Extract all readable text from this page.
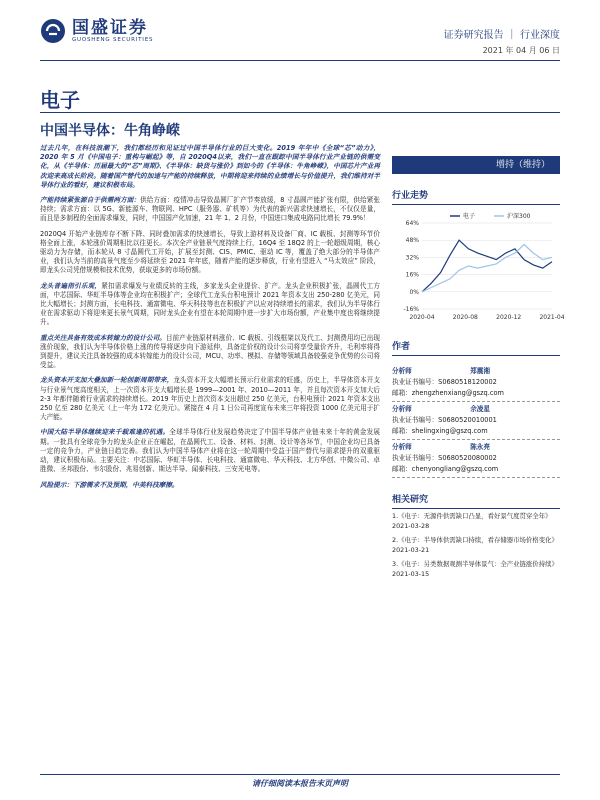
国盛证券
GUOSHENG SECURITIES	证券研究报告 ｜ 行业深度
2021 年 04 月 06 日
电子
中国半导体：牛角峥嵘

过去几年，在科技浪潮下，我们都经历和见证过中国半导体行业的巨大变化。2019 年年中《全球“芯”动力》，2020 年 5 月《中国电子：重构与崛起》等，自 2020Q4以来，我们一直在跟踪中国半导体行业产业链的供需变化，从《半导体：历届最大的“芯”周期》、《半导体：缺货与涨价》到如今的《半导体：牛角峥嵘》，中国芯片产业再次迎来高成长阶段。随着国产替代的加速与产能的持续释放，中期将迎来持续的业绩增长与价值提升，我们维持对半导体行业的看好，建议积极布局。

产能持续紧张源自于供需两方面：供给方面：疫情冲击导致晶圆厂扩产节奏放缓，8 寸晶圆产能扩张有限，供给紧张持续；需求方面：以 5G、新能源车、物联网、HPC（服务器、矿机等）为代表的新兴需求快速增长，不仅仅是量，而且是多制程的全面需求爆发，同时，中国国产化加速，21 年 1、2 月份，中国进口集成电路同比增长 79.9%！

2020Q4 开始产业链库存不断下降、同时叠加需求的快速增长，导致上游材料及设备厂商、IC 载板、封测等环节价格全面上涨，本轮涨价周期相比以往更长。本次全产业链景气度持续上行，16Q4 至 18Q2 的上一轮超级周期，核心驱动力为存储，而本轮从 8 寸晶圆代工开始，扩展至封测、CIS、PMIC、驱动 IC 等，覆盖了绝大部分的半导体产业，我们认为当前的高景气度至少将延续至 2021 年年底，随着产能的逐步释放，行业有望进入 “马太效应” 阶段，即龙头公司凭借规模和技术优势，获取更多的市场份额。

龙头普遍指引乐观，紧扣需求爆发与业绩反转的主线，多家龙头企业提价、扩产。龙头企业积极扩张，晶圆代工方面，中芯国际、华虹半导体等企业均在积极扩产；全球代工龙头台积电预计 2021 年资本支出 250-280 亿美元，同比大幅增长；封测方面，长电科技、通富微电、华天科技等也在积极扩产以应对持续增长的需求，我们认为半导体行业在需求驱动下将迎来更长景气周期，同时龙头企业有望在本轮周期中进一步扩大市场份额，产业集中度也将继续提升。

重点关注具备有效成本转嫁力的设计公司。目前产业链原材料涨价、IC 载板、引线框架以及代工、封测费用均已出现涨价现象，我们认为半导体价格上涨的传导将逐步向下游延伸，具备定价权的设计公司将享受量价齐升，毛利率将得到提升，建议关注具备较强的成本转嫁能力的设计公司，MCU、功率、模拟、存储等领域具备较强竞争优势的公司将受益。

龙头资本开支加大叠加新一轮创新周期带来，龙头资本开支大幅增长预示行业需求的旺盛，历史上，半导体资本开支与行业景气度高度相关，上一次资本开支大幅增长是 1999—2001 年、2010—2011 年，并且每次资本开支加大后 2-3 年都伴随着行业需求的持续增长。2019 年历史上首次资本支出超过 250 亿美元，台积电预计 2021 年资本支出 250 亿至 280 亿美元（上一年为 172 亿美元）。紧接在 4 月 1 日公司再度宣布未来三年将投资 1000 亿美元用于扩大产能。

中国大陆半导体继续迎来千载难逢的机遇。全球半导体行业发展趋势决定了中国半导体产业链未来十年的黄金发展期。一批具有全球竞争力的龙头企业正在崛起，在晶圆代工、设备、材料、封测、设计等各环节，中国企业均已具备一定的竞争力，产业链日趋完善。我们认为中国半导体产业将在这一轮周期中受益于国产替代与需求提升的双重驱动，建议积极布局。主要关注：中芯国际、华虹半导体、长电科技、通富微电、华天科技、北方华创、中微公司、卓胜微、圣邦股份、韦尔股份、兆易创新、斯达半导、闻泰科技、三安光电等。

风险提示：下游需求不及预期，中美科技摩擦。

增持（维持）
行业走势
64%
48%
32%
16%
0%
-16%
2020-04	2020-08	2020-12	2021-04
电子	沪深300
作者
分析师	郑震湘
执业证书编号：S0680518120002
邮箱：zhengzhenxiang@gszq.com
分析师	佘凌星
执业证书编号：S0680520010001
邮箱：shelingxing@gszq.com
分析师	陈永亮
执业证书编号：S0680520080002
邮箱：chenyongliang@gszq.com
相关研究
1.《电子：无源件供需缺口凸显，看好景气度贯穿全年》
2021-03-28
2.《电子：半导体供需缺口持续，看存储器市场价格变化》
2021-03-21
3.《电子：另类数据观测半导体景气：全产业链涨价持续》
2021-03-15
请仔细阅读本报告末页声明
